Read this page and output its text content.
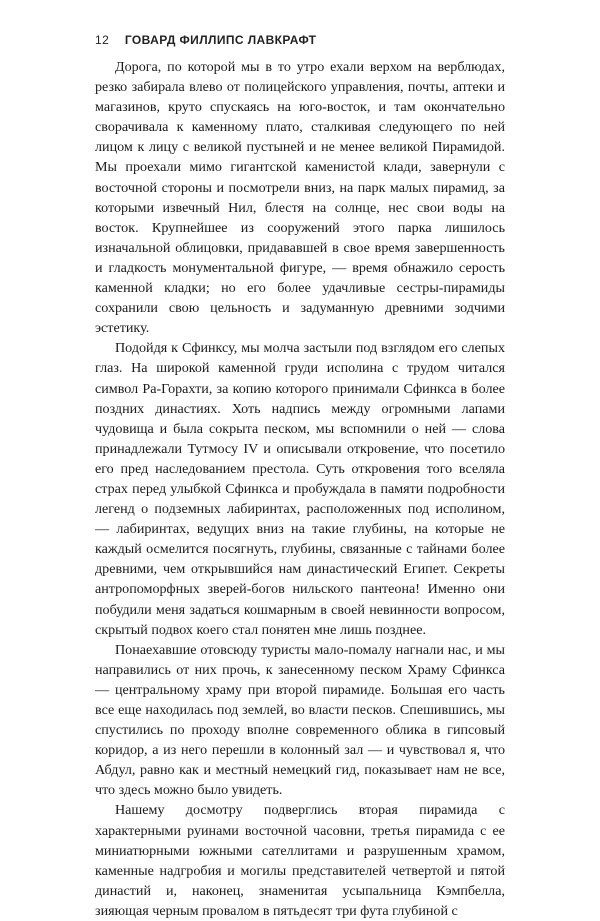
12 ГОВАРД ФИЛЛИПС ЛАВКРАФТ

Дорога, по которой мы в то утро ехали верхом на верблюдах, резко забирала влево от полицейского управления, почты, аптеки и магазинов, круто спускаясь на юго-восток, и там окончательно сворачивала к каменному плато, сталкивая следующего по ней лицом к лицу с великой пустыней и не менее великой Пирамидой. Мы проехали мимо гигантской каменистой клади, завернули с восточной стороны и посмотрели вниз, на парк малых пирамид, за которыми извечный Нил, блестя на солнце, нес свои воды на восток. Крупнейшее из сооружений этого парка лишилось изначальной облицовки, придававшей в свое время завершенность и гладкость монументальной фигуре, — время обнажило серость каменной кладки; но его более удачливые сестры-пирамиды сохранили свою цельность и задуманную древними зодчими эстетику.

Подойдя к Сфинксу, мы молча застыли под взглядом его слепых глаз. На широкой каменной груди исполина с трудом читался символ Ра-Горахти, за копию которого принимали Сфинкса в более поздних династиях. Хоть надпись между огромными лапами чудовища и была сокрыта песком, мы вспомнили о ней — слова принадлежали Тутмосу IV и описывали откровение, что посетило его пред наследованием престола. Суть откровения того вселяла страх перед улыбкой Сфинкса и пробуждала в памяти подробности легенд о подземных лабиринтах, расположенных под исполином, — лабиринтах, ведущих вниз на такие глубины, на которые не каждый осмелится посягнуть, глубины, связанные с тайнами более древними, чем открывшийся нам династический Египет. Секреты антропоморфных зверей-богов нильского пантеона! Именно они побудили меня задаться кошмарным в своей невинности вопросом, скрытый подвох коего стал понятен мне лишь позднее.

Понаехавшие отовсюду туристы мало-помалу нагнали нас, и мы направились от них прочь, к занесенному песком Храму Сфинкса — центральному храму при второй пирамиде. Большая его часть все еще находилась под землей, во власти песков. Спешившись, мы спустились по проходу вполне современного облика в гипсовый коридор, а из него перешли в колонный зал — и чувствовал я, что Абдул, равно как и местный немецкий гид, показывает нам не все, что здесь можно было увидеть.

Нашему досмотру подверглись вторая пирамида с характерными руинами восточной часовни, третья пирамида с ее миниатюрными южными сателлитами и разрушенным храмом, каменные надгробия и могилы представителей четвертой и пятой династий и, наконец, знаменитая усыпальница Кэмпбелла, зияющая черным провалом в пятьдесят три фута глубиной с
